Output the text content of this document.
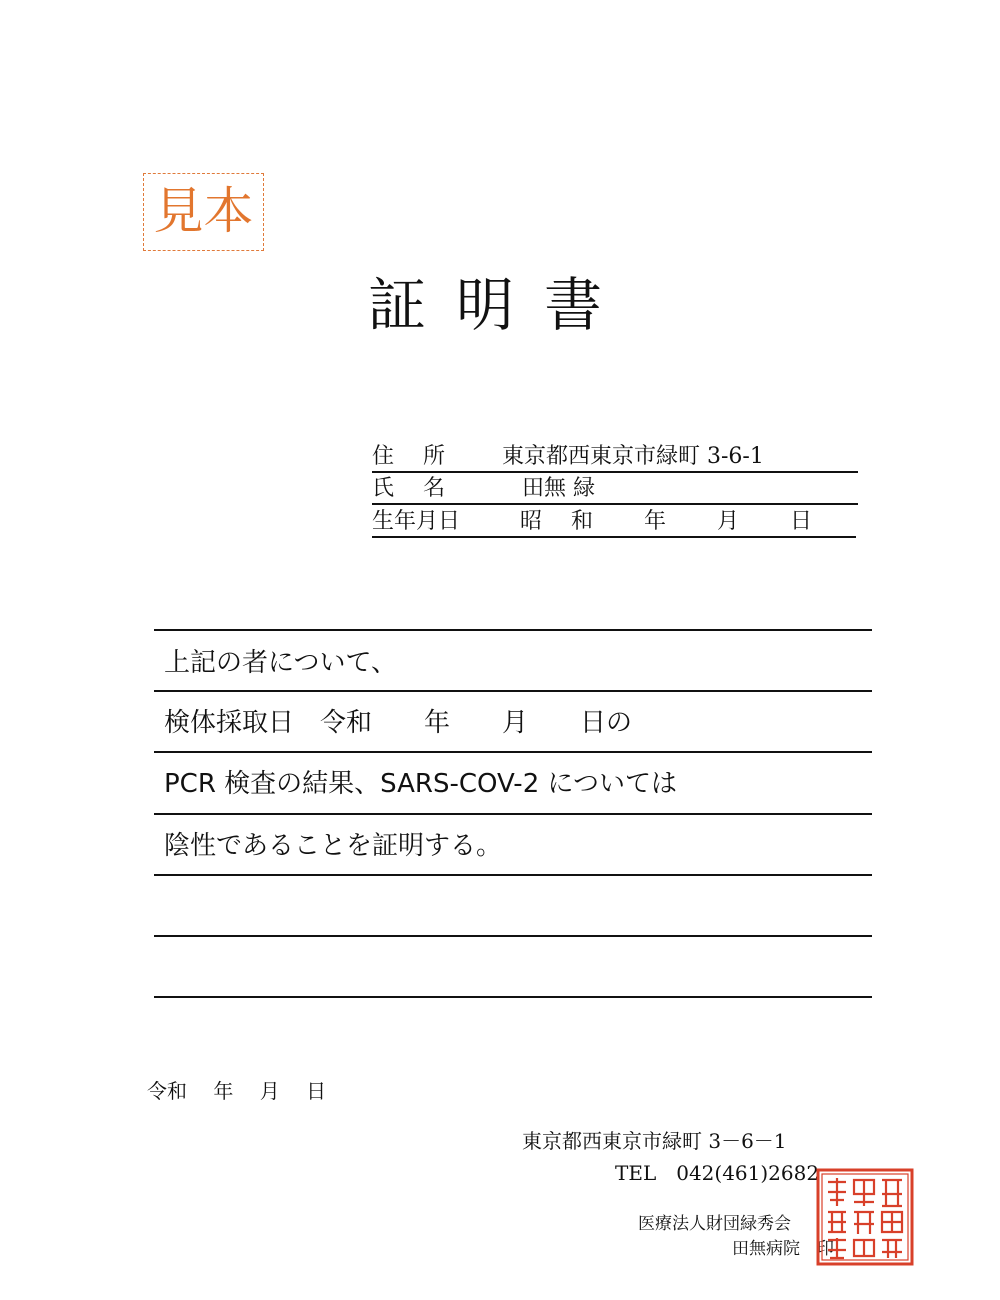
見本
証明書
住　 所	東京都西東京市緑町 3-6-1
氏　 名	田無 緑
生年月日	昭　 和　　 年　　 月　　 日
上記の者について、
検体採取日　令和　　年　　月　　日の
PCR 検査の結果、SARS-COV-2 については
陰性であることを証明する。
令和　 年　 月　 日
東京都西東京市緑町 3－6－1
TEL　042(461)2682
医療法人財団緑秀会
田無病院　印
